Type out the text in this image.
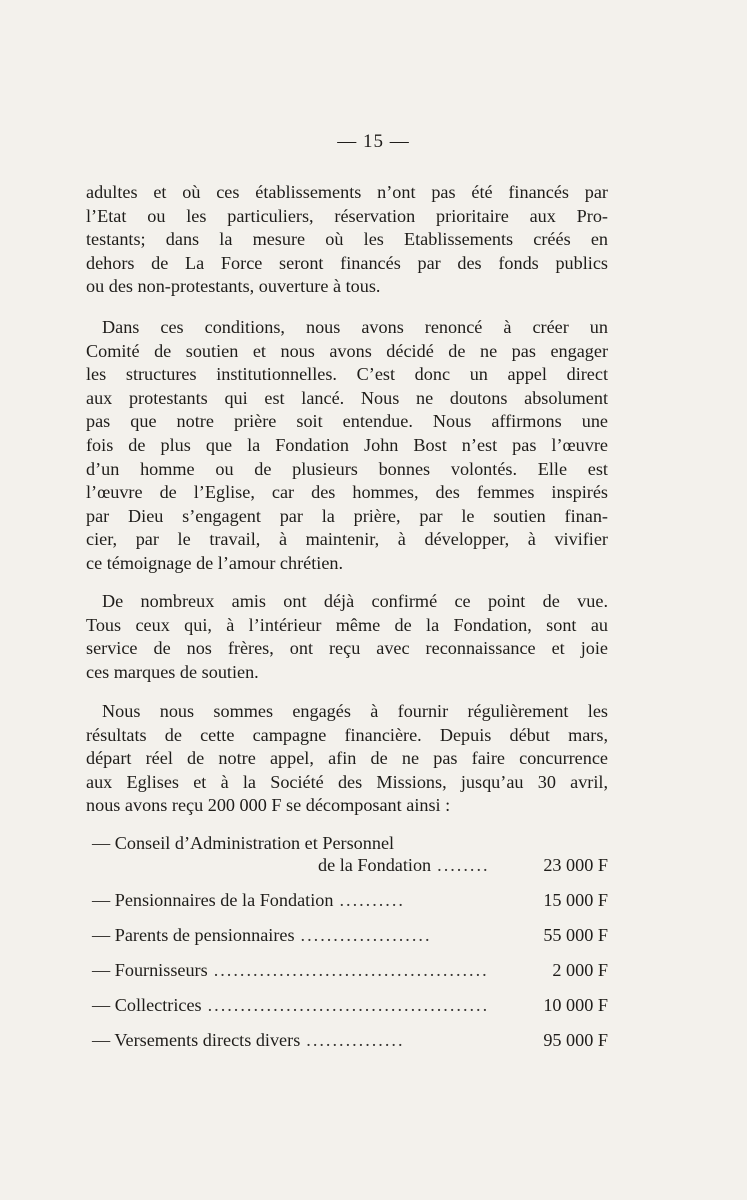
— 15 —
adultes et où ces établissements n’ont pas été financés par
l’Etat ou les particuliers, réservation prioritaire aux Pro-
testants; dans la mesure où les Etablissements créés en
dehors de La Force seront financés par des fonds publics
ou des non-protestants, ouverture à tous.
Dans ces conditions, nous avons renoncé à créer un
Comité de soutien et nous avons décidé de ne pas engager
les structures institutionnelles. C’est donc un appel direct
aux protestants qui est lancé. Nous ne doutons absolument
pas que notre prière soit entendue. Nous affirmons une
fois de plus que la Fondation John Bost n’est pas l’œuvre
d’un homme ou de plusieurs bonnes volontés. Elle est
l’œuvre de l’Eglise, car des hommes, des femmes inspirés
par Dieu s’engagent par la prière, par le soutien finan-
cier, par le travail, à maintenir, à développer, à vivifier
ce témoignage de l’amour chrétien.
De nombreux amis ont déjà confirmé ce point de vue.
Tous ceux qui, à l’intérieur même de la Fondation, sont au
service de nos frères, ont reçu avec reconnaissance et joie
ces marques de soutien.
Nous nous sommes engagés à fournir régulièrement les
résultats de cette campagne financière. Depuis début mars,
départ réel de notre appel, afin de ne pas faire concurrence
aux Eglises et à la Société des Missions, jusqu’au 30 avril,
nous avons reçu 200 000 F se décomposant ainsi :
— Conseil d’Administration et Personnel
de la Fondation ........	23 000 F
— Pensionnaires de la Fondation ..........	15 000 F
— Parents de pensionnaires ....................	55 000 F
— Fournisseurs ..........................................	2 000 F
— Collectrices ...........................................	10 000 F
— Versements directs divers ...............	95 000 F
